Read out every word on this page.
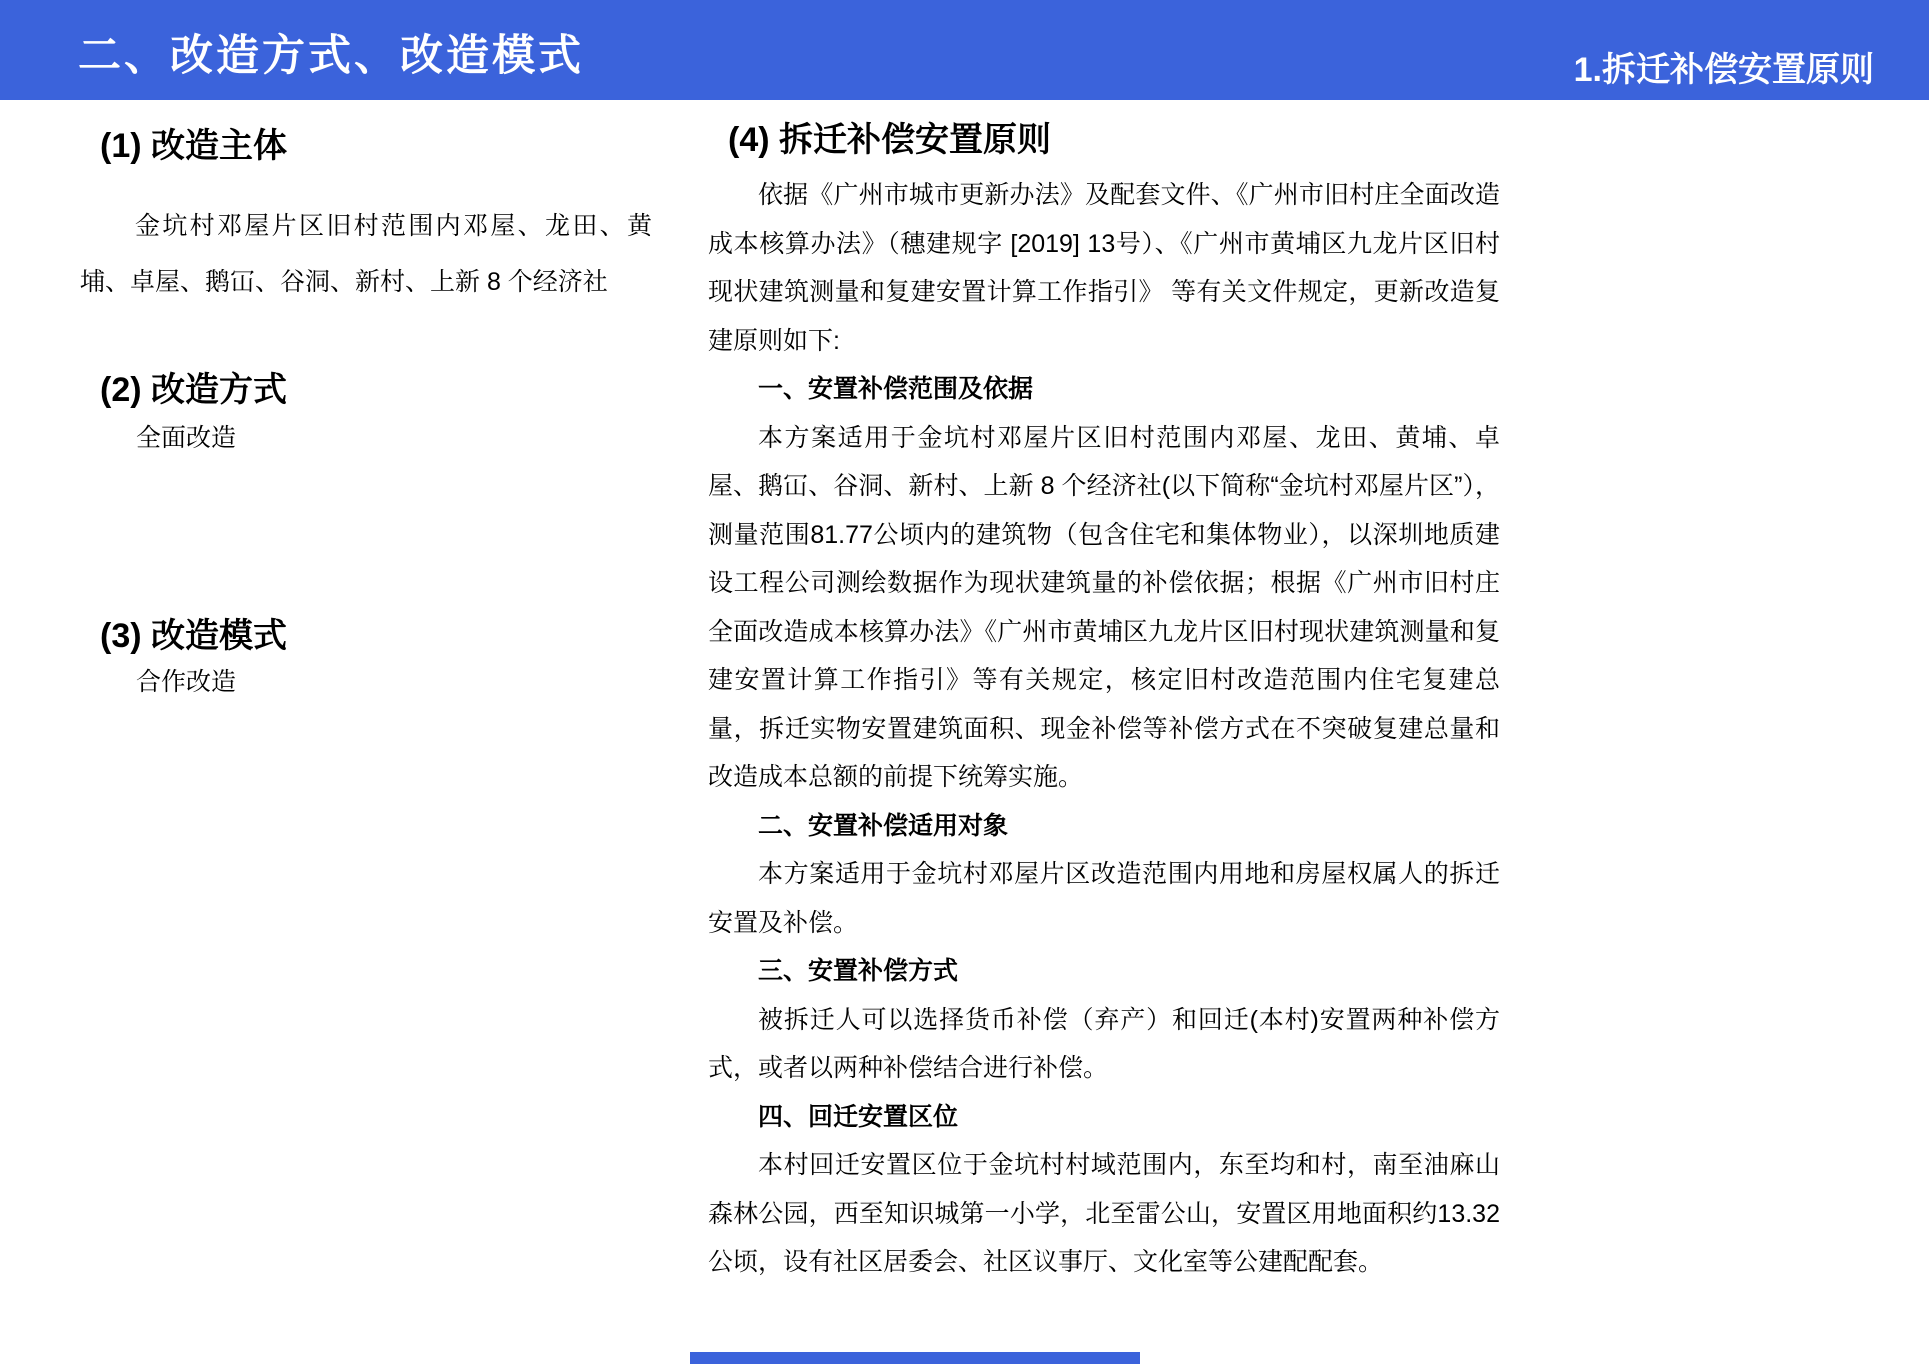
二、改造方式、改造模式	1.拆迁补偿安置原则
(1) 改造主体

金坑村邓屋片区旧村范围内邓屋、龙田、黄埔、卓屋、鹅冚、谷洞、新村、上新 8 个经济社

(2) 改造方式
全面改造
(3) 改造模式
合作改造
(4) 拆迁补偿安置原则

依据《广州市城市更新办法》及配套文件、《广州市旧村庄全面改造成本核算办法》（穗建规字 [2019] 13号）、《广州市黄埔区九龙片区旧村现状建筑测量和复建安置计算工作指引》 等有关文件规定，更新改造复建原则如下:

一、安置补偿范围及依据

本方案适用于金坑村邓屋片区旧村范围内邓屋、龙田、黄埔、卓屋、鹅冚、谷洞、新村、上新 8 个经济社(以下简称“金坑村邓屋片区”），测量范围81.77公顷内的建筑物（包含住宅和集体物业），以深圳地质建设工程公司测绘数据作为现状建筑量的补偿依据；根据《广州市旧村庄全面改造成本核算办法》《广州市黄埔区九龙片区旧村现状建筑测量和复建安置计算工作指引》等有关规定，核定旧村改造范围内住宅复建总量，拆迁实物安置建筑面积、现金补偿等补偿方式在不突破复建总量和改造成本总额的前提下统筹实施。

二、安置补偿适用对象

本方案适用于金坑村邓屋片区改造范围内用地和房屋权属人的拆迁安置及补偿。

三、安置补偿方式

被拆迁人可以选择货币补偿（弃产）和回迁(本村)安置两种补偿方式，或者以两种补偿结合进行补偿。

四、回迁安置区位

本村回迁安置区位于金坑村村域范围内，东至均和村，南至油麻山森林公园，西至知识城第一小学，北至雷公山，安置区用地面积约13.32公顷，设有社区居委会、社区议事厅、文化室等公建配配套。
